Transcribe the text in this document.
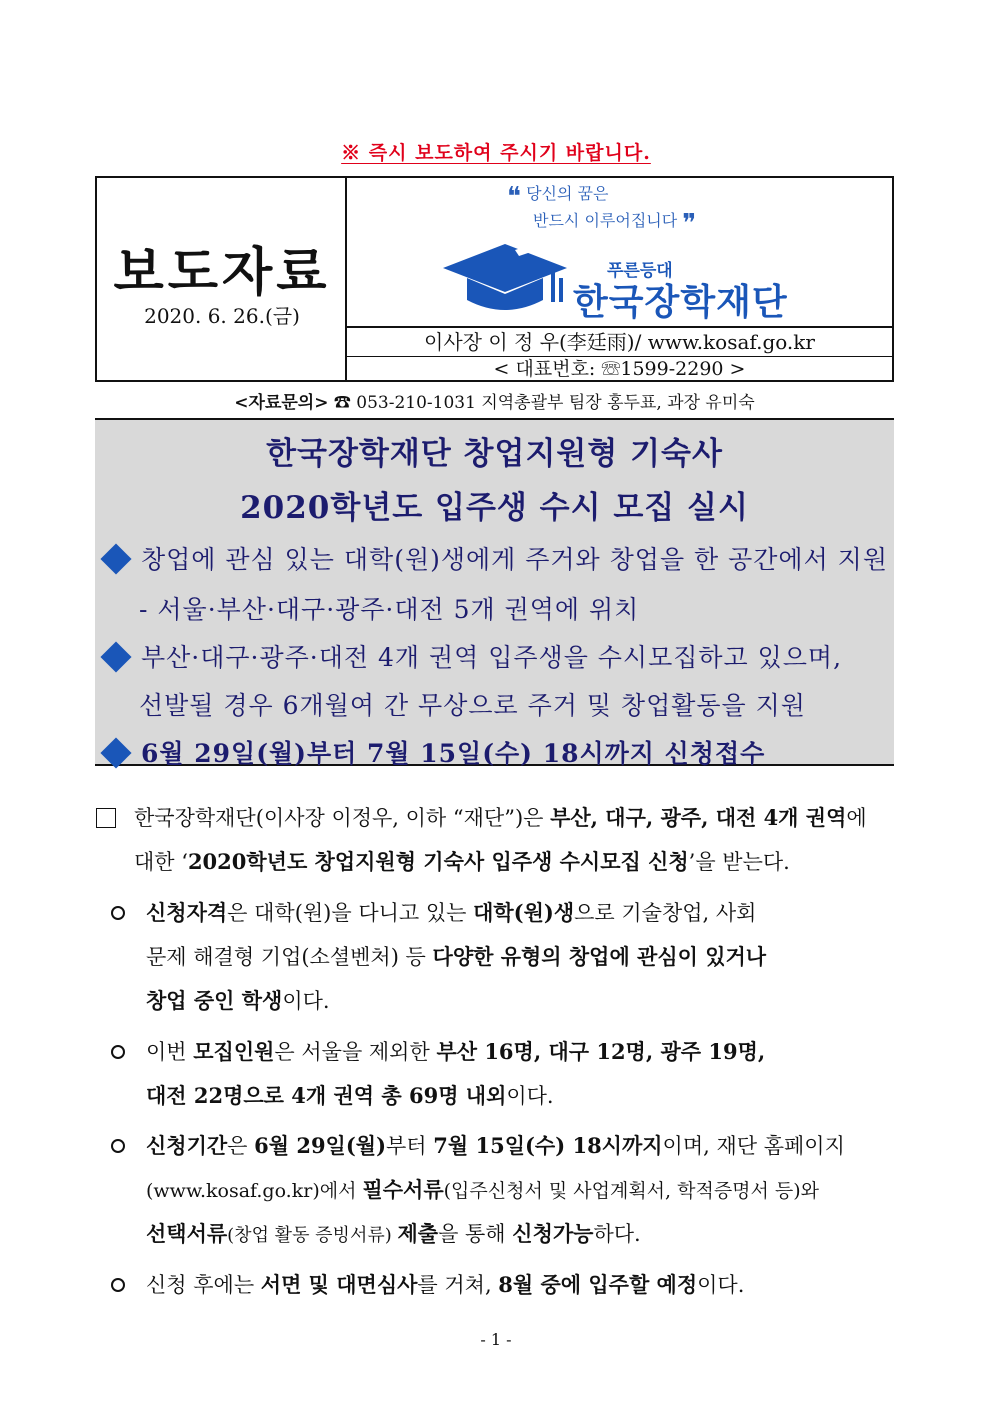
※ 즉시 보도하여 주시기 바랍니다.
보도자료
2020. 6. 26.(금)
❝ 당신의 꿈은
반드시 이루어집니다 ❞
푸른등대
한국장학재단
이사장 이 정 우(李廷雨)/ www.kosaf.go.kr
< 대표번호: ☏1599-2290 >
<자료문의> ☎ 053-210-1031 지역총괄부 팀장 홍두표, 과장 유미숙
한국장학재단 창업지원형 기숙사
2020학년도 입주생 수시 모집 실시
창업에 관심 있는 대학(원)생에게 주거와 창업을 한 공간에서 지원
- 서울·부산·대구·광주·대전 5개 권역에 위치
부산·대구·광주·대전 4개 권역 입주생을 수시모집하고 있으며,
선발될 경우 6개월여 간 무상으로 주거 및 창업활동을 지원
6월 29일(월)부터 7월 15일(수) 18시까지 신청접수
한국장학재단(이사장 이정우, 이하 “재단”)은 부산, 대구, 광주, 대전 4개 권역에
대한 ‘2020학년도 창업지원형 기숙사 입주생 수시모집 신청’을 받는다.
신청자격은 대학(원)을 다니고 있는 대학(원)생으로 기술창업, 사회
문제 해결형 기업(소셜벤처) 등 다양한 유형의 창업에 관심이 있거나
창업 중인 학생이다.
이번 모집인원은 서울을 제외한 부산 16명, 대구 12명, 광주 19명,
대전 22명으로 4개 권역 총 69명 내외이다.
신청기간은 6월 29일(월)부터 7월 15일(수) 18시까지이며, 재단 홈페이지
(www.kosaf.go.kr)에서 필수서류(입주신청서 및 사업계획서, 학적증명서 등)와
선택서류(창업 활동 증빙서류) 제출을 통해 신청가능하다.
신청 후에는 서면 및 대면심사를 거쳐, 8월 중에 입주할 예정이다.
- 1 -
